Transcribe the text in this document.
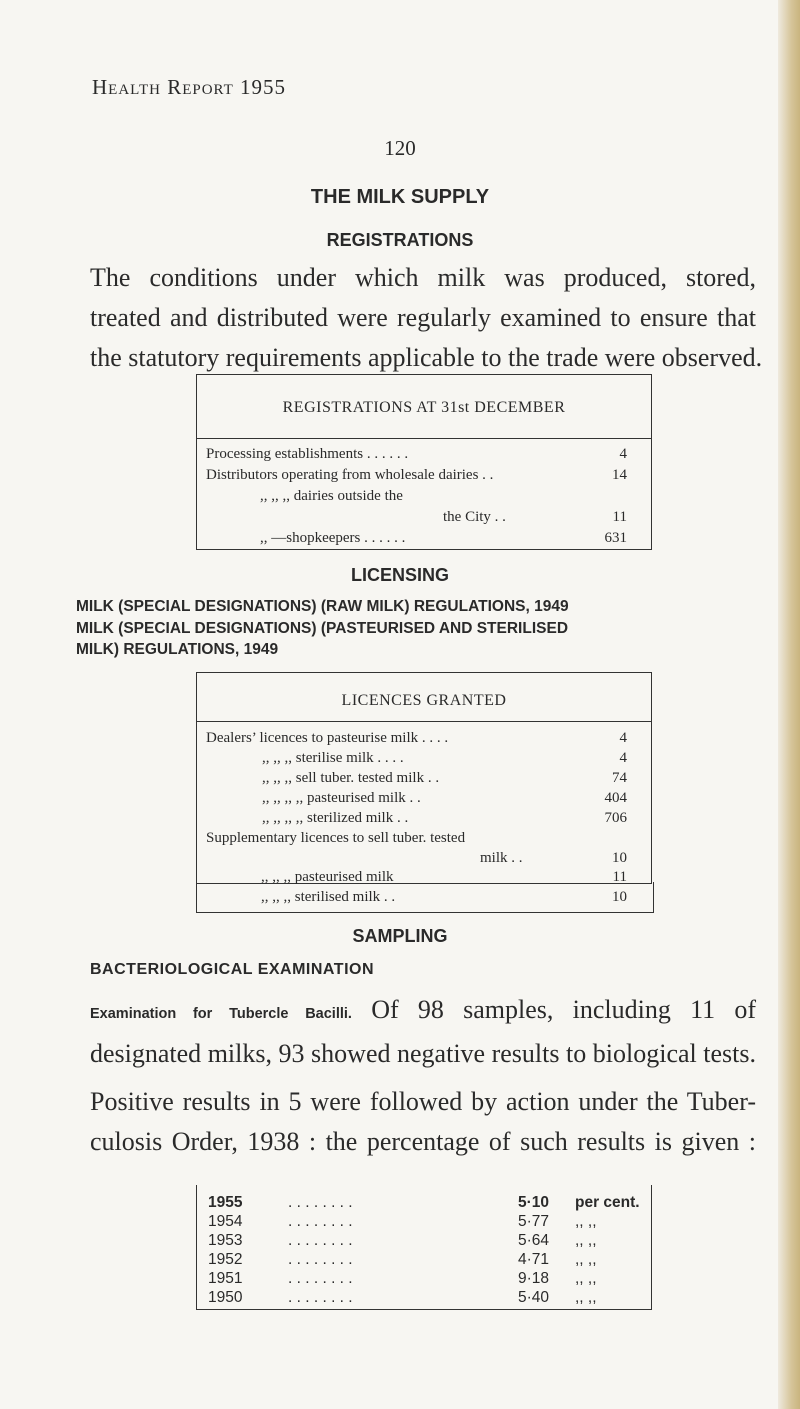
Health Report 1955
120
THE MILK SUPPLY
REGISTRATIONS
The conditions under which milk was produced, stored,
treated and distributed were regularly examined to ensure that
the statutory requirements applicable to the trade were observed.
REGISTRATIONS AT 31st DECEMBER
Processing establishments . . . . . .	4
Distributors operating from wholesale dairies . .	14
,, ,, ,, dairies outside the
the City . .	11
,, —shopkeepers . . . . . .	631
LICENSING
MILK (SPECIAL DESIGNATIONS) (RAW MILK) REGULATIONS, 1949
MILK (SPECIAL DESIGNATIONS) (PASTEURISED AND STERILISED
MILK) REGULATIONS, 1949
LICENCES GRANTED
Dealers’ licences to pasteurise milk . . . .	4
,, ,, ,, sterilise milk . . . .	4
,, ,, ,, sell tuber. tested milk . .	74
,, ,, ,, ,, pasteurised milk . .	404
,, ,, ,, ,, sterilized milk . .	706
Supplementary licences to sell tuber. tested
milk . .	10
,, ,, ,, pasteurised milk	11
,, ,, ,, sterilised milk . .	10
SAMPLING
BACTERIOLOGICAL EXAMINATION
Examination for Tubercle Bacilli. Of 98 samples, including 11 of
designated milks, 93 showed negative results to biological tests.
Positive results in 5 were followed by action under the Tuber-
culosis Order, 1938 : the percentage of such results is given :
1955	. . . . . . . .	5·10 per cent.
1954	. . . . . . . .	5·77 ,, ,,
1953	. . . . . . . .	5·64 ,, ,,
1952	. . . . . . . .	4·71 ,, ,,
1951	. . . . . . . .	9·18 ,, ,,
1950	. . . . . . . .	5·40 ,, ,,
